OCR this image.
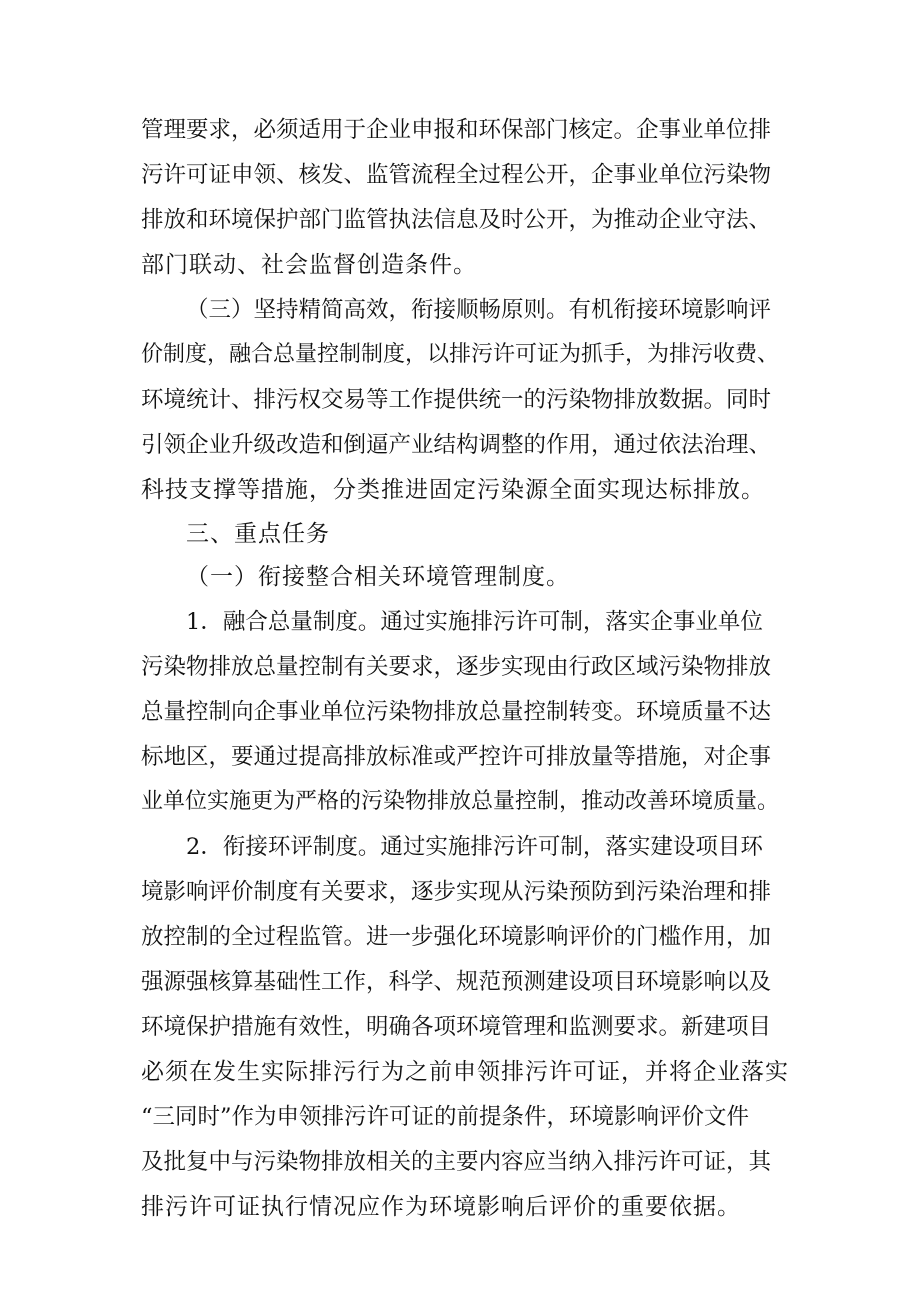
管理要求，必须适用于企业申报和环保部门核定。企事业单位排
污许可证申领、核发、监管流程全过程公开，企事业单位污染物
排放和环境保护部门监管执法信息及时公开，为推动企业守法、
部门联动、社会监督创造条件。
（三）坚持精简高效，衔接顺畅原则。有机衔接环境影响评
价制度，融合总量控制制度，以排污许可证为抓手，为排污收费、
环境统计、排污权交易等工作提供统一的污染物排放数据。同时
引领企业升级改造和倒逼产业结构调整的作用，通过依法治理、
科技支撑等措施，分类推进固定污染源全面实现达标排放。
三、重点任务
（一）衔接整合相关环境管理制度。
1．融合总量制度。通过实施排污许可制，落实企事业单位
污染物排放总量控制有关要求，逐步实现由行政区域污染物排放
总量控制向企事业单位污染物排放总量控制转变。环境质量不达
标地区，要通过提高排放标准或严控许可排放量等措施，对企事
业单位实施更为严格的污染物排放总量控制，推动改善环境质量。
2．衔接环评制度。通过实施排污许可制，落实建设项目环
境影响评价制度有关要求，逐步实现从污染预防到污染治理和排
放控制的全过程监管。进一步强化环境影响评价的门槛作用，加
强源强核算基础性工作，科学、规范预测建设项目环境影响以及
环境保护措施有效性，明确各项环境管理和监测要求。新建项目
必须在发生实际排污行为之前申领排污许可证，并将企业落实
“三同时”作为申领排污许可证的前提条件，环境影响评价文件
及批复中与污染物排放相关的主要内容应当纳入排污许可证，其
排污许可证执行情况应作为环境影响后评价的重要依据。
